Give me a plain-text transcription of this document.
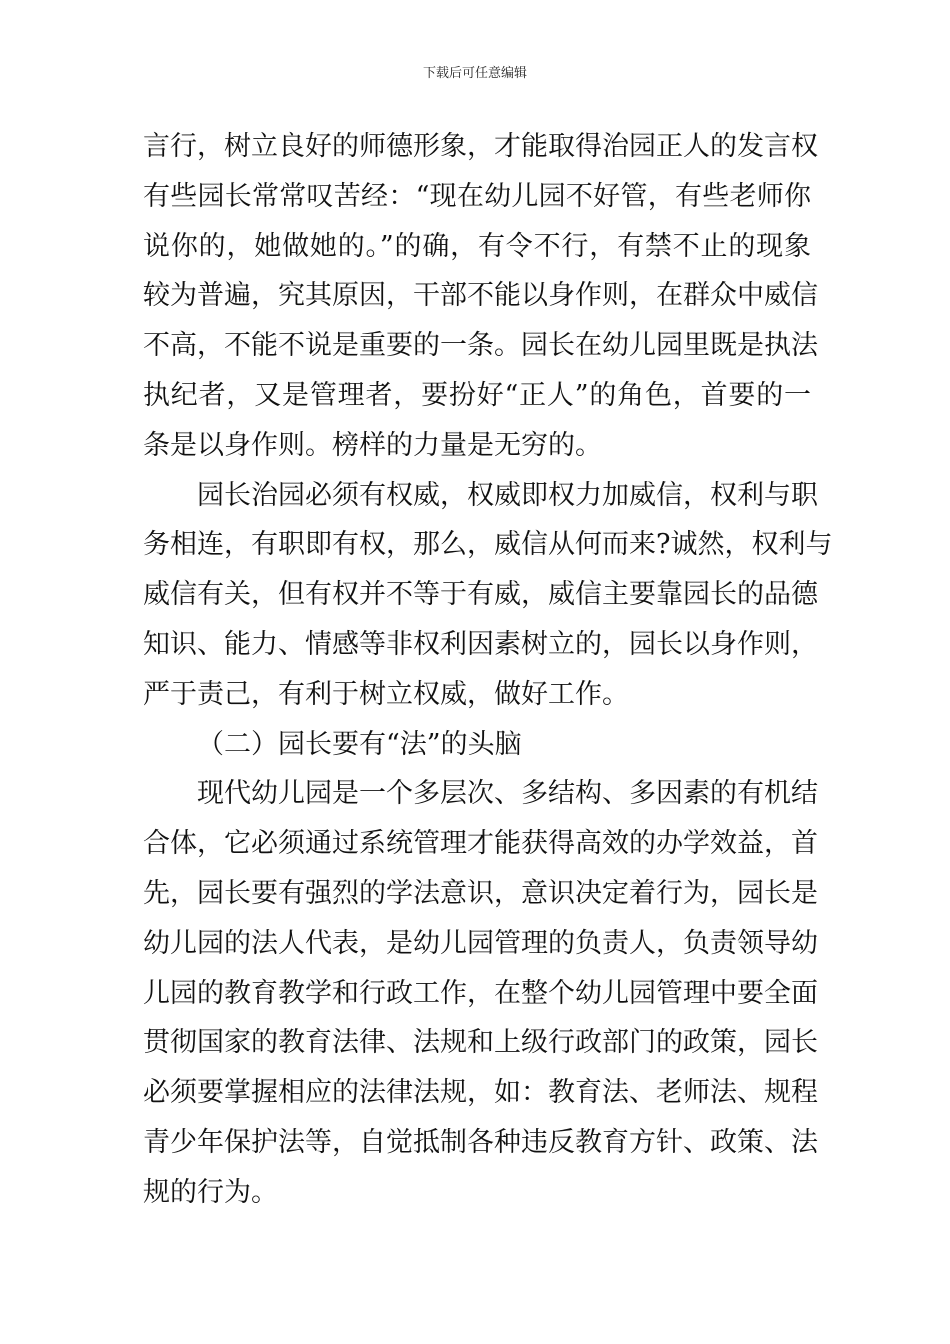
下载后可任意编辑
言行，树立良好的师德形象，才能取得治园正人的发言权
有些园长常常叹苦经：“现在幼儿园不好管，有些老师你
说你的，她做她的。”的确，有令不行，有禁不止的现象
较为普遍，究其原因，干部不能以身作则，在群众中威信
不高，不能不说是重要的一条。园长在幼儿园里既是执法
执纪者，又是管理者，要扮好“正人”的角色，首要的一
条是以身作则。榜样的力量是无穷的。
园长治园必须有权威，权威即权力加威信，权利与职
务相连，有职即有权，那么，威信从何而来?诚然，权利与
威信有关，但有权并不等于有威，威信主要靠园长的品德
知识、能力、情感等非权利因素树立的，园长以身作则，
严于责己，有利于树立权威，做好工作。
（二）园长要有“法”的头脑
现代幼儿园是一个多层次、多结构、多因素的有机结
合体，它必须通过系统管理才能获得高效的办学效益，首
先，园长要有强烈的学法意识，意识决定着行为，园长是
幼儿园的法人代表，是幼儿园管理的负责人，负责领导幼
儿园的教育教学和行政工作，在整个幼儿园管理中要全面
贯彻国家的教育法律、法规和上级行政部门的政策，园长
必须要掌握相应的法律法规，如：教育法、老师法、规程
青少年保护法等，自觉抵制各种违反教育方针、政策、法
规的行为。
